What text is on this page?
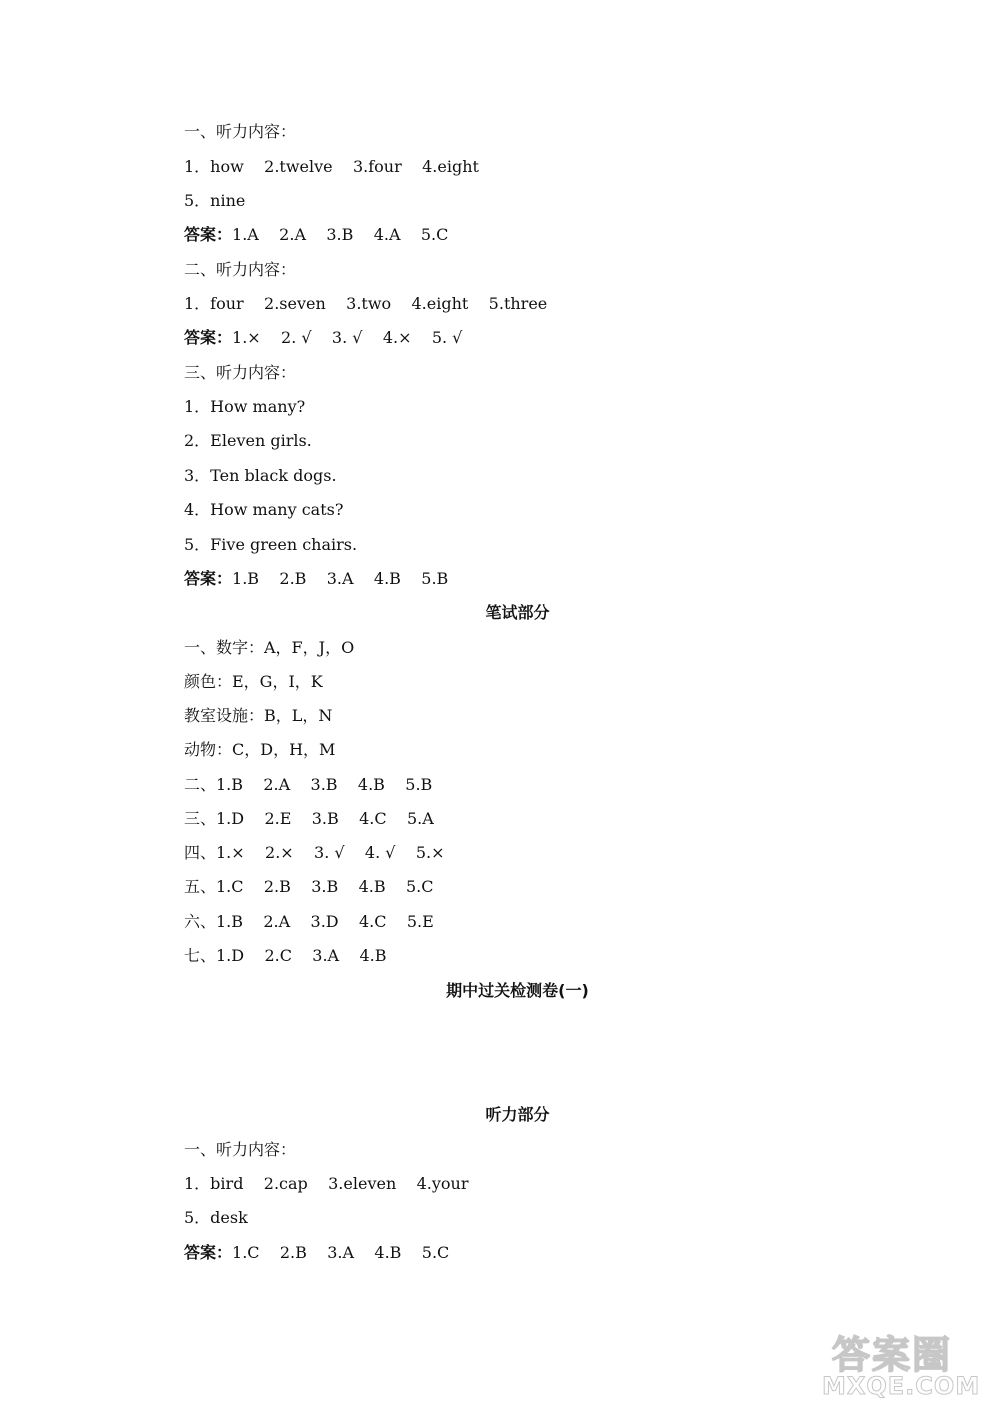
一、听力内容：
1．how    2.twelve    3.four    4.eight
5．nine
答案：1.A    2.A    3.B    4.A    5.C
二、听力内容：
1．four    2.seven    3.two    4.eight    5.three
答案：1.×    2. √    3. √    4.×    5. √
三、听力内容：
1．How many?
2．Eleven girls.
3．Ten black dogs.
4．How many cats?
5．Five green chairs.
答案：1.B    2.B    3.A    4.B    5.B
笔试部分
一、数字：A，F，J，O
颜色：E，G，I，K
教室设施：B，L，N
动物：C，D，H，M
二、1.B    2.A    3.B    4.B    5.B
三、1.D    2.E    3.B    4.C    5.A
四、1.×    2.×    3. √    4. √    5.×
五、1.C    2.B    3.B    4.B    5.C
六、1.B    2.A    3.D    4.C    5.E
七、1.D    2.C    3.A    4.B
期中过关检测卷(一)
听力部分
一、听力内容：
1．bird    2.cap    3.eleven    4.your
5．desk
答案：1.C    2.B    3.A    4.B    5.C
答案圈
MXQE.COM
